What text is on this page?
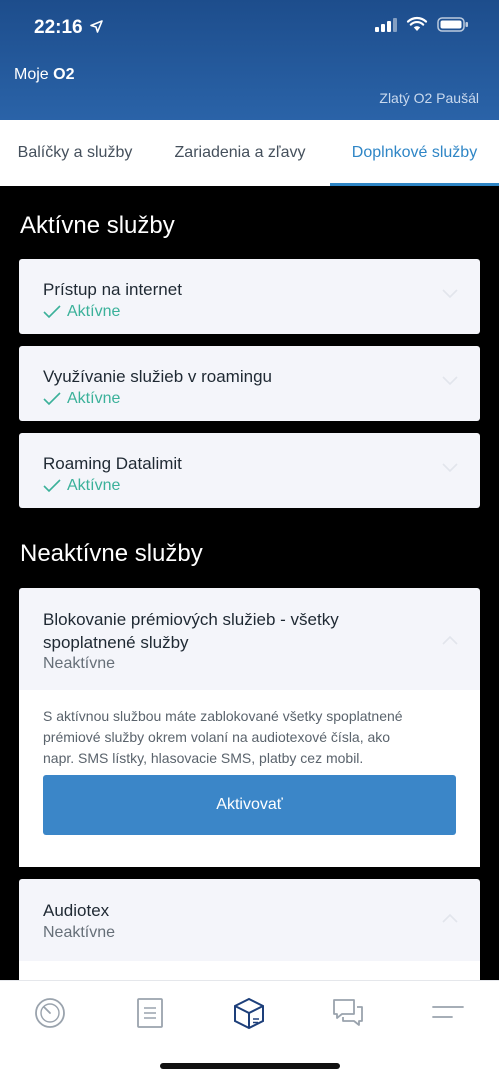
22:16
Moje O2
Zlatý O2 Paušál
Balíčky a služby	Zariadenia a zľavy	Doplnkové služby
Aktívne služby
Prístup na internet
Aktívne
Využívanie služieb v roamingu
Aktívne
Roaming Datalimit
Aktívne
Neaktívne služby
Blokovanie prémiových služieb - všetky
spoplatnené služby
Neaktívne
S aktívnou službou máte zablokované všetky spoplatnené
prémiové služby okrem volaní na audiotexové čísla, ako
napr. SMS lístky, hlasovacie SMS, platby cez mobil.
Aktivovať
Audiotex
Neaktívne
